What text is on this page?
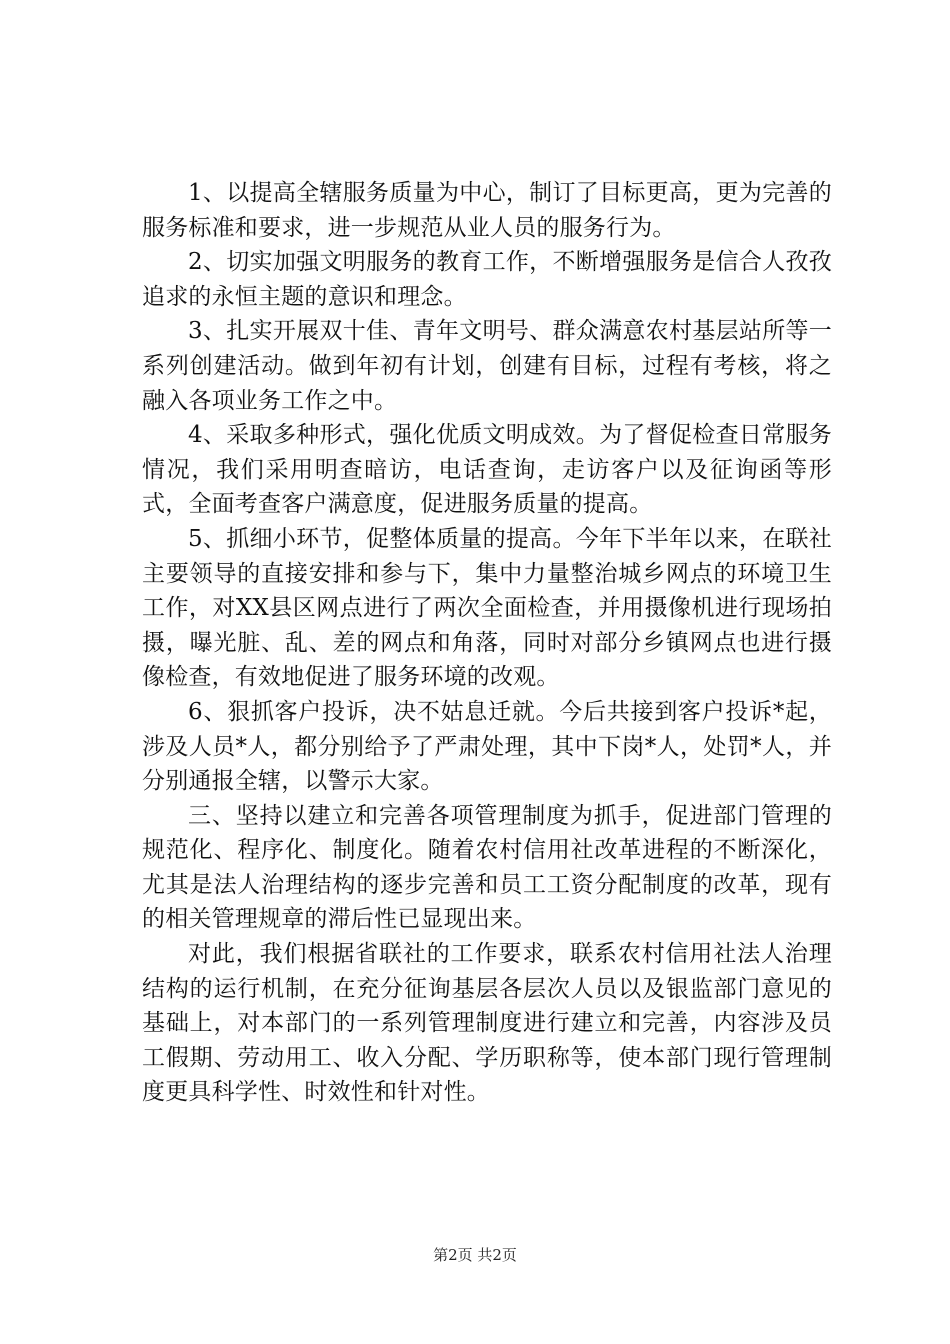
1、以提高全辖服务质量为中心，制订了目标更高，更为完善的服务标准和要求，进一步规范从业人员的服务行为。

2、切实加强文明服务的教育工作，不断增强服务是信合人孜孜追求的永恒主题的意识和理念。

3、扎实开展双十佳、青年文明号、群众满意农村基层站所等一系列创建活动。做到年初有计划，创建有目标，过程有考核，将之融入各项业务工作之中。

4、采取多种形式，强化优质文明成效。为了督促检查日常服务情况，我们采用明查暗访，电话查询，走访客户以及征询函等形式，全面考查客户满意度，促进服务质量的提高。

5、抓细小环节，促整体质量的提高。今年下半年以来，在联社主要领导的直接安排和参与下，集中力量整治城乡网点的环境卫生工作，对XX县区网点进行了两次全面检查，并用摄像机进行现场拍摄，曝光脏、乱、差的网点和角落，同时对部分乡镇网点也进行摄像检查，有效地促进了服务环境的改观。

6、狠抓客户投诉，决不姑息迁就。今后共接到客户投诉*起，涉及人员*人，都分别给予了严肃处理，其中下岗*人，处罚*人，并分别通报全辖，以警示大家。

三、坚持以建立和完善各项管理制度为抓手，促进部门管理的规范化、程序化、制度化。随着农村信用社改革进程的不断深化，尤其是法人治理结构的逐步完善和员工工资分配制度的改革，现有的相关管理规章的滞后性已显现出来。

对此，我们根据省联社的工作要求，联系农村信用社法人治理结构的运行机制，在充分征询基层各层次人员以及银监部门意见的基础上，对本部门的一系列管理制度进行建立和完善，内容涉及员工假期、劳动用工、收入分配、学历职称等，使本部门现行管理制度更具科学性、时效性和针对性。

第2页 共2页
